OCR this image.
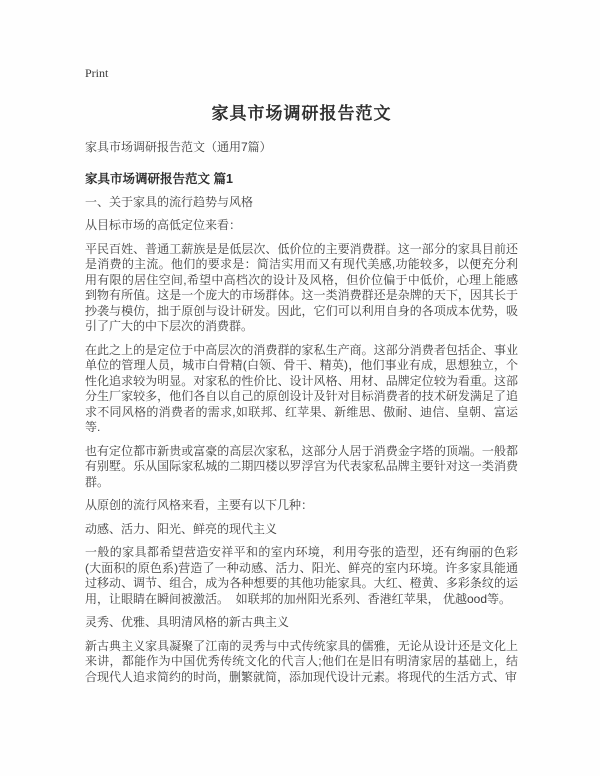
Print
家具市场调研报告范文

家具市场调研报告范文（通用7篇）

家具市场调研报告范文 篇1

一、关于家具的流行趋势与风格

从目标市场的高低定位来看：

平民百姓、普通工薪族是是低层次、低价位的主要消费群。这一部分的家具目前还是消费的主流。他们的要求是：简洁实用而又有现代美感,功能较多，以便充分利用有限的居住空间,希望中高档次的设计及风格，但价位偏于中低价，心理上能感到物有所值。这是一个庞大的市场群体。这一类消费群还是杂牌的天下，因其长于抄袭与模仿，拙于原创与设计研发。因此，它们可以利用自身的各项成本优势，吸引了广大的中下层次的消费群。

在此之上的是定位于中高层次的消费群的家私生产商。这部分消费者包括企、事业单位的管理人员，城市白骨精(白领、骨干、精英)，他们事业有成，思想独立，个性化追求较为明显。对家私的性价比、设计风格、用材、品牌定位较为看重。这部分生厂家较多，他们各自以自己的原创设计及针对目标消费者的技术研发满足了追求不同风格的消费者的需求,如联邦、红苹果、新维思、傲耐、迪信、皇朝、富运等.

也有定位都市新贵或富豪的高层次家私，这部分人居于消费金字塔的顶端。一般都有别墅。乐从国际家私城的二期四楼以罗浮宫为代表家私品牌主要针对这一类消费群。

从原创的流行风格来看，主要有以下几种：

动感、活力、阳光、鲜亮的现代主义

一般的家具都希望营造安祥平和的室内环境，利用夸张的造型，还有绚丽的色彩(大面积的原色系)营造了一种动感、活力、阳光、鲜亮的室内环境。许多家具能通过移动、调节、组合，成为各种想要的其他功能家具。大红、橙黄、多彩条纹的运用，让眼睛在瞬间被激活。  如联邦的加州阳光系列、香港红苹果， 优越ood等。

灵秀、优雅、具明清风格的新古典主义

新古典主义家具凝聚了江南的灵秀与中式传统家具的儒雅，无论从设计还是文化上来讲，都能作为中国优秀传统文化的代言人;他们在是旧有明清家居的基础上，结合现代人追求简约的时尚，删繁就简，添加现代设计元素。将现代的生活方式、审
